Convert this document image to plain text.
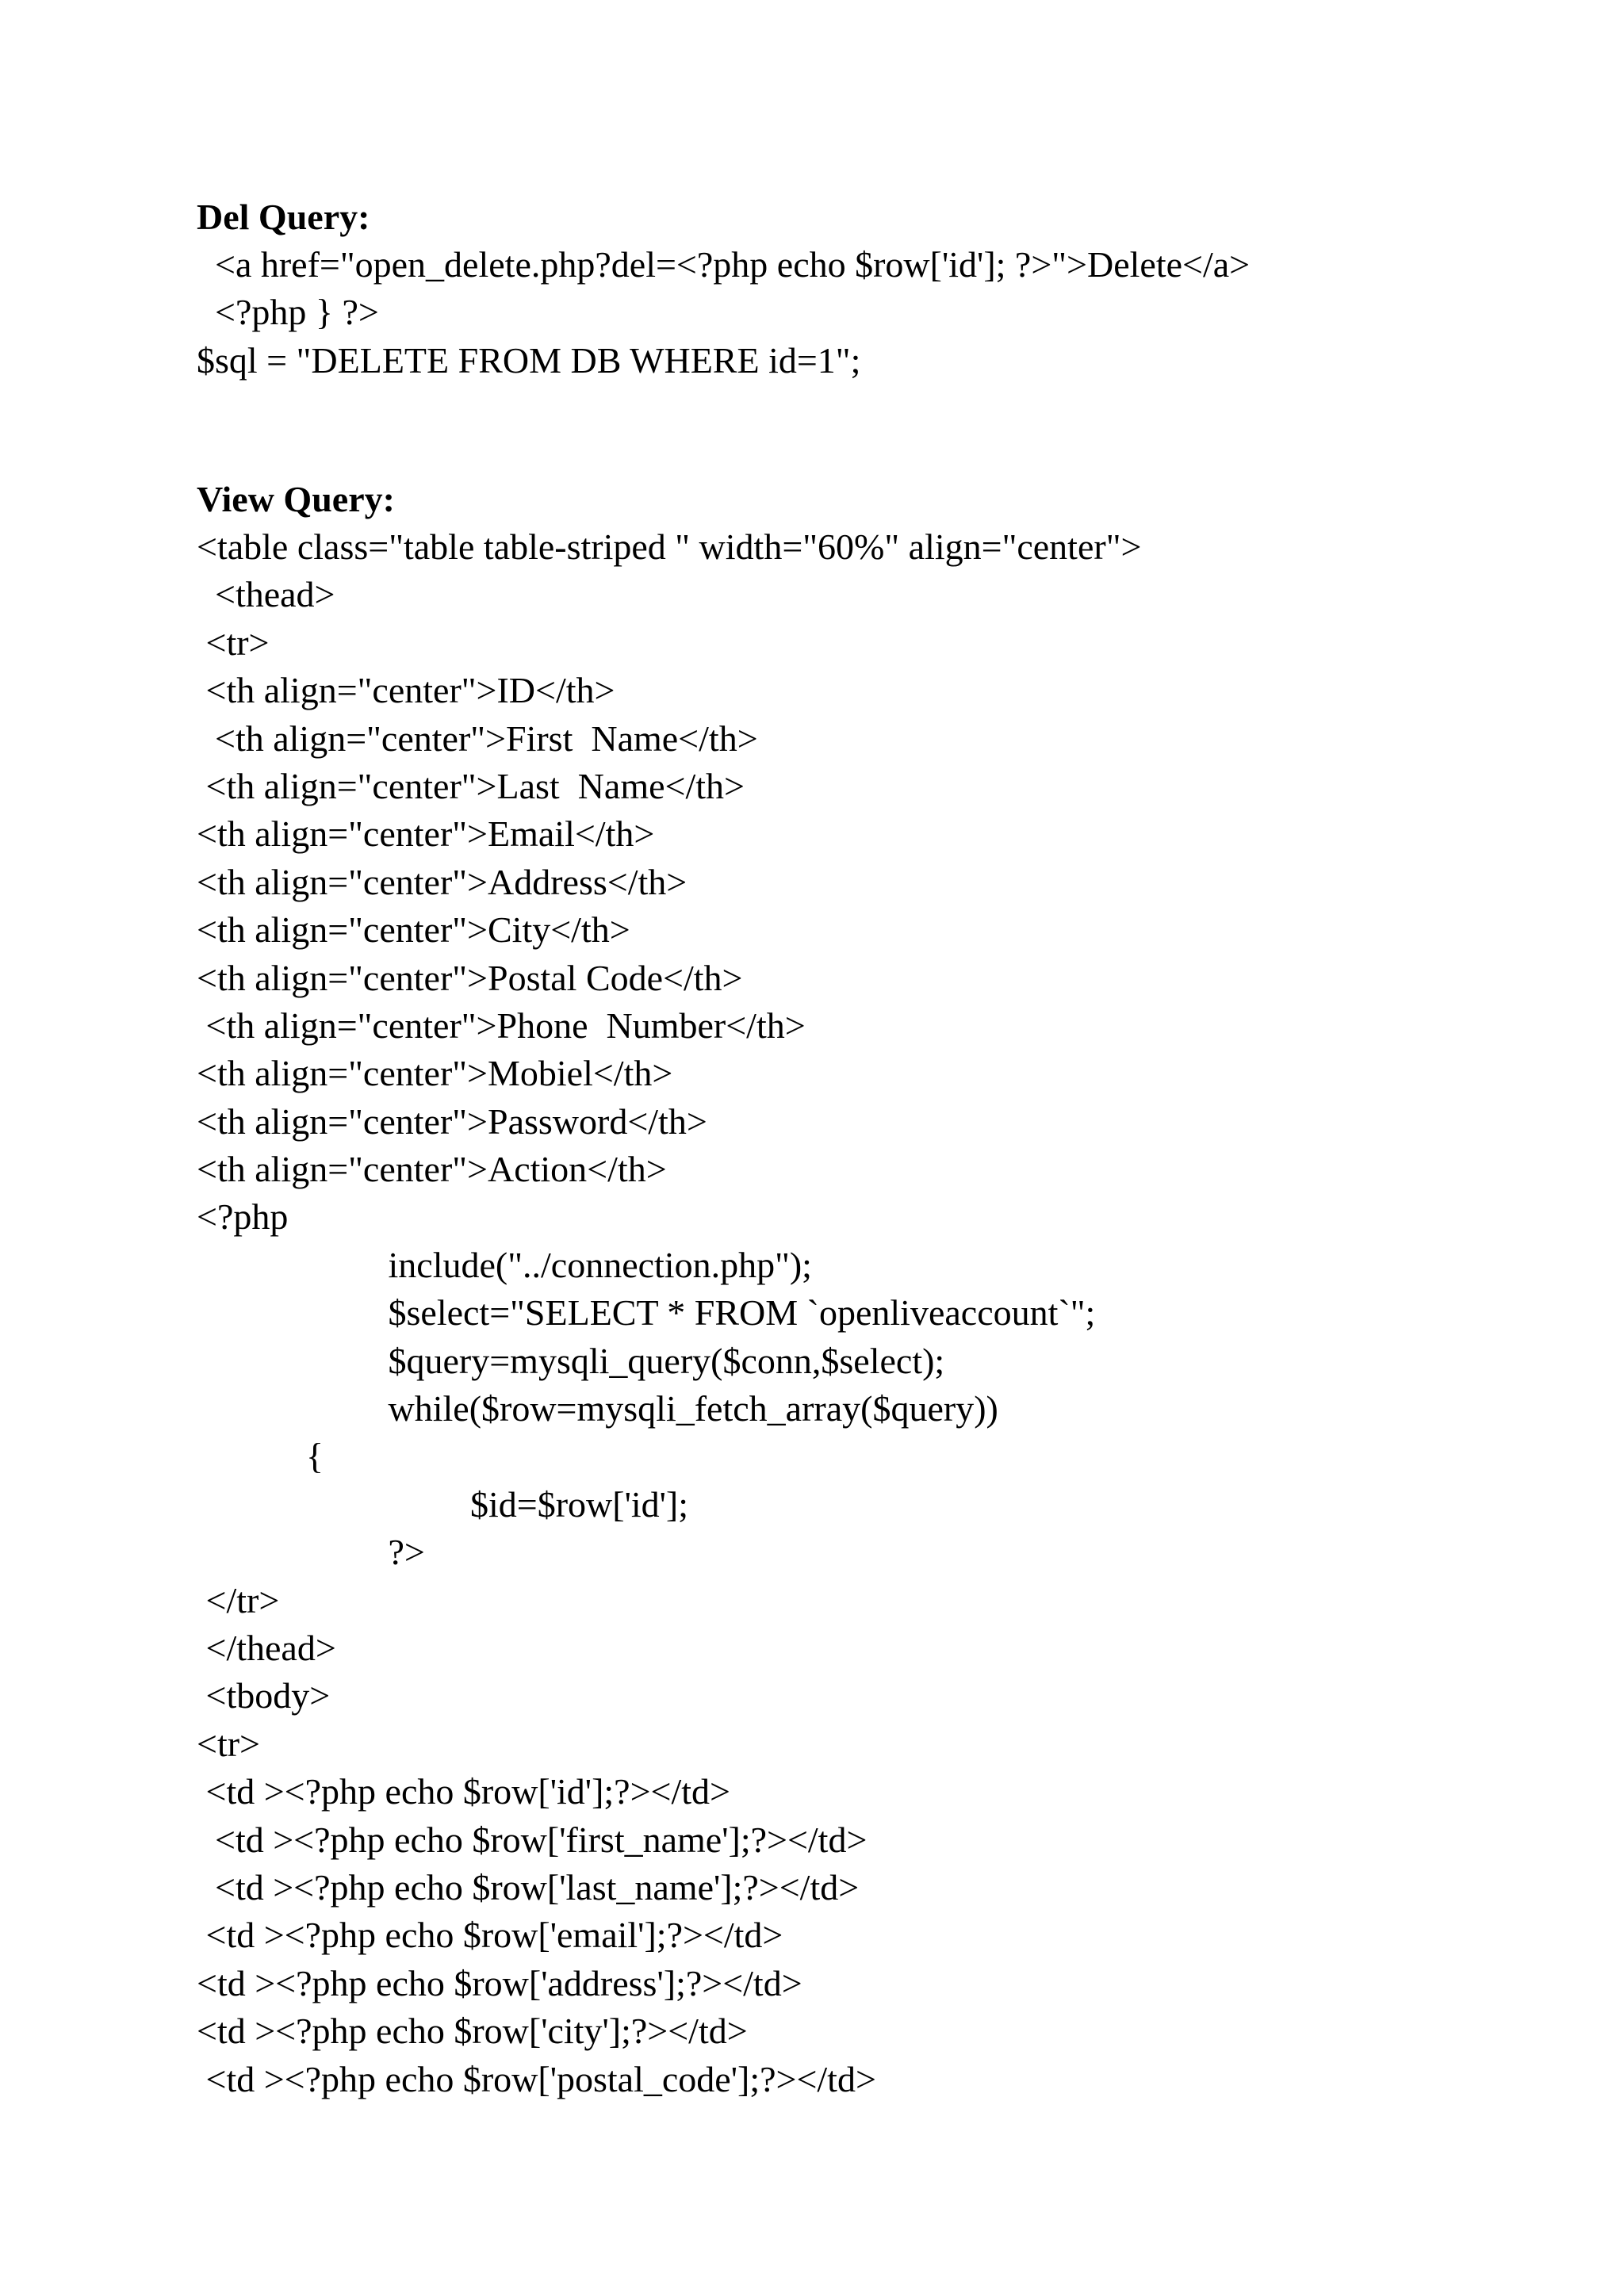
Del Query:
<a href="open_delete.php?del=<?php echo $row['id']; ?>">Delete</a>
<?php } ?>
$sql = "DELETE FROM DB WHERE id=1";
View Query:
<table class="table table-striped " width="60%" align="center">
<thead>
<tr>
<th align="center">ID</th>
<th align="center">First  Name</th>
<th align="center">Last  Name</th>
<th align="center">Email</th>
<th align="center">Address</th>
<th align="center">City</th>
<th align="center">Postal Code</th>
<th align="center">Phone  Number</th>
<th align="center">Mobiel</th>
<th align="center">Password</th>
<th align="center">Action</th>
<?php
include("../connection.php");
$select="SELECT * FROM `openliveaccount`";
$query=mysqli_query($conn,$select);
while($row=mysqli_fetch_array($query))
{
$id=$row['id'];
?>
</tr>
</thead>
<tbody>
<tr>
<td ><?php echo $row['id'];?></td>
<td ><?php echo $row['first_name'];?></td>
<td ><?php echo $row['last_name'];?></td>
<td ><?php echo $row['email'];?></td>
<td ><?php echo $row['address'];?></td>
<td ><?php echo $row['city'];?></td>
<td ><?php echo $row['postal_code'];?></td>
